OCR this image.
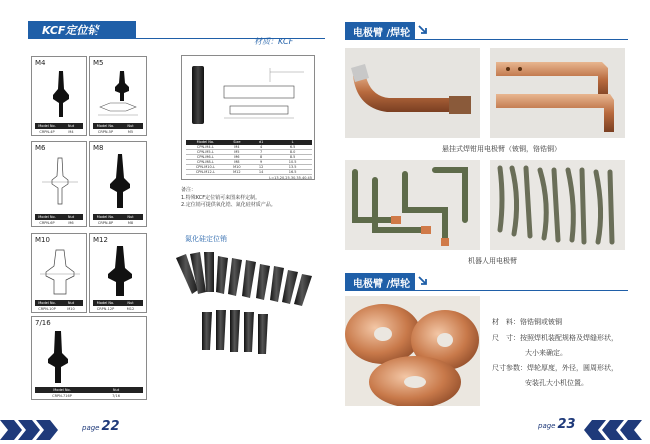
KCF定位销
材质：KCF
M4
Model No.	Nut
CRPN-4P	M4
M5
Model No.	Nut
CRPN-5P	M5
M6
Model No.	Nut
CRPN-6P	M6
M8
Model No.	Nut
CRPN-8P	M8
M10
Model No.	Nut
CRPN-10P	M10
M12
Model No.	Nut
CRPN-12P	M12
7/16
Model No.	Nut
CRPN-716P	7/16
Model No.	Size	d1	L
CPN-M4-L	M4	4	6.5
CPN-M5-L	M5	7	8.0
CPN-M6-L	M6	8	8.5
CPN-M8-L	M8	9	10.5
CPN-M10-L	M10	12	13.5
CPN-M12-L	M12	14	16.5
L=13,20,25,30,35,40,45
备注：
1.特殊KCF定位销可来图来样定制。
2.定位销可提供氧化锆、氮化硅材质产品。
氮化硅定位销
电极臂 /焊轮
悬挂式焊钳用电极臂（铍铜，铬锆铜）
机器人用电极臂
电极臂 /焊轮
材　料：铬锆铜或铍铜
尺　寸：按照焊机装配规格及焊缝形状，
大小来确定。
尺寸参数：焊轮厚度，外径，圆周形状，
安装孔大小机位置。
page 22	page 23
